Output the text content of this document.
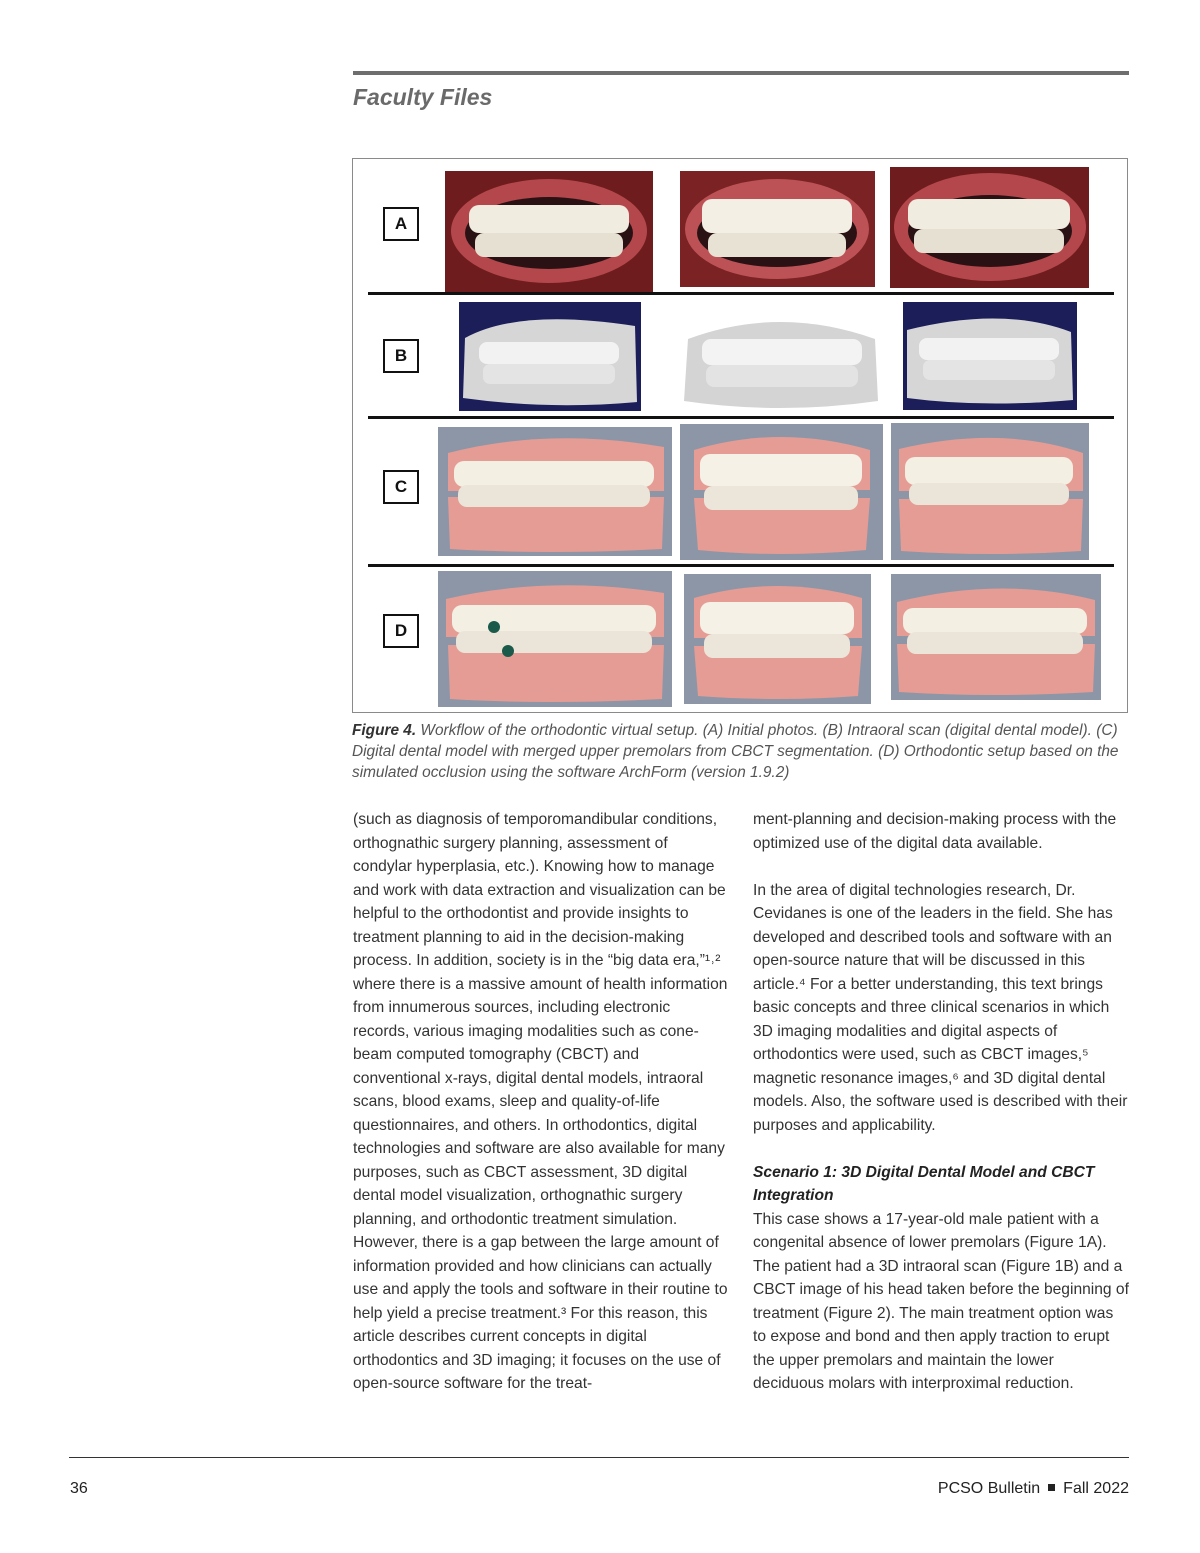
Faculty Files
A
B
C
D

Figure 4. Workflow of the orthodontic virtual setup. (A) Initial photos. (B) Intraoral scan (digital dental model). (C) Digital dental model with merged upper premolars from CBCT segmentation. (D) Orthodontic setup based on the simulated occlusion using the software ArchForm (version 1.9.2)

(such as diagnosis of temporomandibular conditions, orthognathic surgery planning, assessment of condylar hyperplasia, etc.). Knowing how to manage and work with data extraction and visualization can be helpful to the orthodontist and provide insights to treatment planning to aid in the decision-making process. In addition, society is in the “big data era,”¹˒² where there is a massive amount of health information from innumerous sources, including electronic records, various imaging modalities such as cone-beam computed tomography (CBCT) and conventional x-rays, digital dental models, intraoral scans, blood exams, sleep and quality-of-life questionnaires, and others. In orthodontics, digital technologies and software are also available for many purposes, such as CBCT assessment, 3D digital dental model visualization, orthognathic surgery planning, and orthodontic treatment simulation. However, there is a gap between the large amount of information provided and how clinicians can actually use and apply the tools and software in their routine to help yield a precise treatment.³ For this reason, this article describes current concepts in digital orthodontics and 3D imaging; it focuses on the use of open-source software for the treat-

ment-planning and decision-making process with the optimized use of the digital data available.

In the area of digital technologies research, Dr. Cevidanes is one of the leaders in the field. She has developed and described tools and software with an open-source nature that will be discussed in this article.⁴ For a better understanding, this text brings basic concepts and three clinical scenarios in which 3D imaging modalities and digital aspects of orthodontics were used, such as CBCT images,⁵ magnetic resonance images,⁶ and 3D digital dental models. Also, the software used is described with their purposes and applicability.

Scenario 1: 3D Digital Dental Model and CBCT Integration

This case shows a 17-year-old male patient with a congenital absence of lower premolars (Figure 1A). The patient had a 3D intraoral scan (Figure 1B) and a CBCT image of his head taken before the beginning of treatment (Figure 2). The main treatment option was to expose and bond and then apply traction to erupt the upper premolars and maintain the lower deciduous molars with interproximal reduction.

36	PCSO Bulletin Fall 2022
